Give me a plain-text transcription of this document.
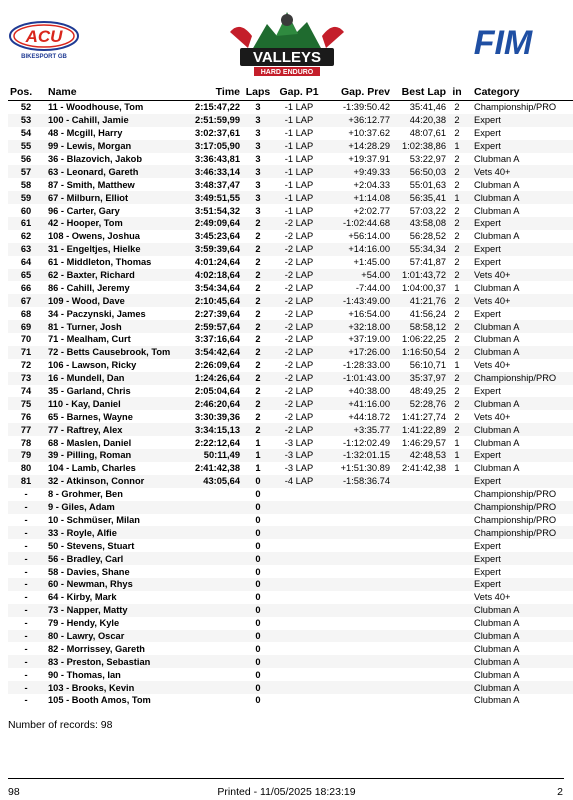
ACU
BIKESPORT GB	VALLEYS
HARD ENDURO
FIM
Pos.	Name	Time	Laps	Gap. P1	Gap. Prev	Best Lap	in	Category
52	11 - Woodhouse, Tom	2:15:47,22	3	-1 LAP	-1:39:50.42	35:41,46	2	Championship/PRO
53	100 - Cahill, Jamie	2:51:59,99	3	-1 LAP	+36:12.77	44:20,38	2	Expert
54	48 - Mcgill, Harry	3:02:37,61	3	-1 LAP	+10:37.62	48:07,61	2	Expert
55	99 - Lewis, Morgan	3:17:05,90	3	-1 LAP	+14:28.29	1:02:38,86	1	Expert
56	36 - Blazovich, Jakob	3:36:43,81	3	-1 LAP	+19:37.91	53:22,97	2	Clubman A
57	63 - Leonard, Gareth	3:46:33,14	3	-1 LAP	+9:49.33	56:50,03	2	Vets 40+
58	87 - Smith, Matthew	3:48:37,47	3	-1 LAP	+2:04.33	55:01,63	2	Clubman A
59	67 - Milburn, Elliot	3:49:51,55	3	-1 LAP	+1:14.08	56:35,41	1	Clubman A
60	96 - Carter, Gary	3:51:54,32	3	-1 LAP	+2:02.77	57:03,22	2	Clubman A
61	42 - Hooper, Tom	2:49:09,64	2	-2 LAP	-1:02:44.68	43:58,08	2	Expert
62	108 - Owens, Joshua	3:45:23,64	2	-2 LAP	+56:14.00	56:28,52	2	Clubman A
63	31 - Engeltjes, Hielke	3:59:39,64	2	-2 LAP	+14:16.00	55:34,34	2	Expert
64	61 - Middleton, Thomas	4:01:24,64	2	-2 LAP	+1:45.00	57:41,87	2	Expert
65	62 - Baxter, Richard	4:02:18,64	2	-2 LAP	+54.00	1:01:43,72	2	Vets 40+
66	86 - Cahill, Jeremy	3:54:34,64	2	-2 LAP	-7:44.00	1:04:00,37	1	Clubman A
67	109 - Wood, Dave	2:10:45,64	2	-2 LAP	-1:43:49.00	41:21,76	2	Vets 40+
68	34 - Paczynski, James	2:27:39,64	2	-2 LAP	+16:54.00	41:56,24	2	Expert
69	81 - Turner, Josh	2:59:57,64	2	-2 LAP	+32:18.00	58:58,12	2	Clubman A
70	71 - Mealham, Curt	3:37:16,64	2	-2 LAP	+37:19.00	1:06:22,25	2	Clubman A
71	72 - Betts Causebrook, Tom	3:54:42,64	2	-2 LAP	+17:26.00	1:16:50,54	2	Clubman A
72	106 - Lawson, Ricky	2:26:09,64	2	-2 LAP	-1:28:33.00	56:10,71	1	Vets 40+
73	16 - Mundell, Dan	1:24:26,64	2	-2 LAP	-1:01:43.00	35:37,97	2	Championship/PRO
74	35 - Garland, Chris	2:05:04,64	2	-2 LAP	+40:38.00	48:49,25	2	Expert
75	110 - Kay, Daniel	2:46:20,64	2	-2 LAP	+41:16.00	52:28,76	2	Clubman A
76	65 - Barnes, Wayne	3:30:39,36	2	-2 LAP	+44:18.72	1:41:27,74	2	Vets 40+
77	77 - Raftrey, Alex	3:34:15,13	2	-2 LAP	+3:35.77	1:41:22,89	2	Clubman A
78	68 - Maslen, Daniel	2:22:12,64	1	-3 LAP	-1:12:02.49	1:46:29,57	1	Clubman A
79	39 - Pilling, Roman	50:11,49	1	-3 LAP	-1:32:01.15	42:48,53	1	Expert
80	104 - Lamb, Charles	2:41:42,38	1	-3 LAP	+1:51:30.89	2:41:42,38	1	Clubman A
81	32 - Atkinson, Connor	43:05,64	0	-4 LAP	-1:58:36.74			Expert
-	8 - Grohmer, Ben		0					Championship/PRO
-	9 - Giles, Adam		0					Championship/PRO
-	10 - Schmüser, Milan		0					Championship/PRO
-	33 - Royle, Alfie		0					Championship/PRO
-	50 - Stevens, Stuart		0					Expert
-	56 - Bradley, Carl		0					Expert
-	58 - Davies, Shane		0					Expert
-	60 - Newman, Rhys		0					Expert
-	64 - Kirby, Mark		0					Vets 40+
-	73 - Napper, Matty		0					Clubman A
-	79 - Hendy, Kyle		0					Clubman A
-	80 - Lawry, Oscar		0					Clubman A
-	82 - Morrissey, Gareth		0					Clubman A
-	83 - Preston, Sebastian		0					Clubman A
-	90 - Thomas, Ian		0					Clubman A
-	103 - Brooks, Kevin		0					Clubman A
-	105 - Booth Amos, Tom		0					Clubman A
Number of records: 98
98	Printed - 11/05/2025 18:23:19	2
